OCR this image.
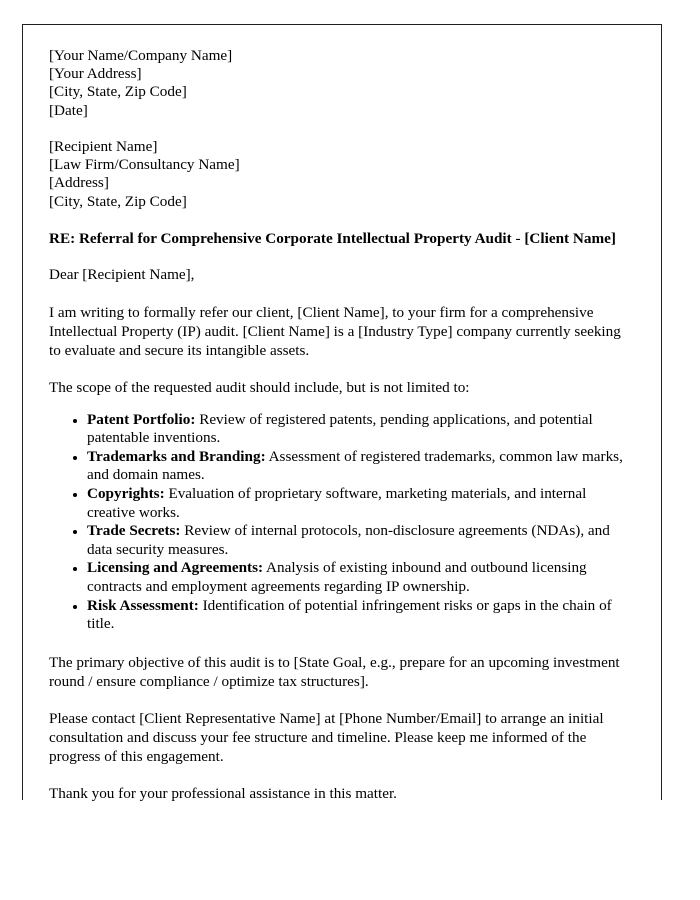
[Your Name/Company Name]
[Your Address]
[City, State, Zip Code]
[Date]
[Recipient Name]
[Law Firm/Consultancy Name]
[Address]
[City, State, Zip Code]

RE: Referral for Comprehensive Corporate Intellectual Property Audit - [Client Name]

Dear [Recipient Name],

I am writing to formally refer our client, [Client Name], to your firm for a comprehensive Intellectual Property (IP) audit. [Client Name] is a [Industry Type] company currently seeking to evaluate and secure its intangible assets.

The scope of the requested audit should include, but is not limited to:

• Patent Portfolio: Review of registered patents, pending applications, and potential patentable inventions.
• Trademarks and Branding: Assessment of registered trademarks, common law marks, and domain names.
• Copyrights: Evaluation of proprietary software, marketing materials, and internal creative works.
• Trade Secrets: Review of internal protocols, non-disclosure agreements (NDAs), and data security measures.
• Licensing and Agreements: Analysis of existing inbound and outbound licensing contracts and employment agreements regarding IP ownership.
• Risk Assessment: Identification of potential infringement risks or gaps in the chain of title.

The primary objective of this audit is to [State Goal, e.g., prepare for an upcoming investment round / ensure compliance / optimize tax structures].

Please contact [Client Representative Name] at [Phone Number/Email] to arrange an initial consultation and discuss your fee structure and timeline. Please keep me informed of the progress of this engagement.

Thank you for your professional assistance in this matter.
